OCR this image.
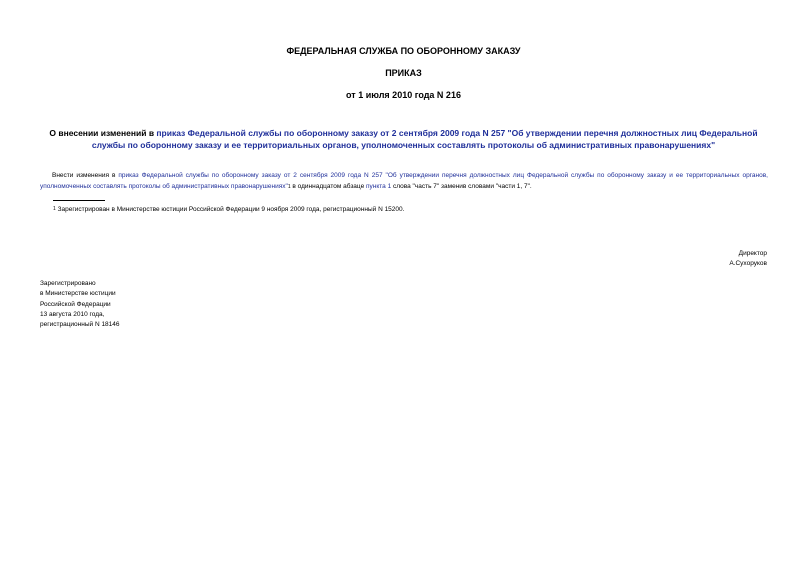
ФЕДЕРАЛЬНАЯ СЛУЖБА ПО ОБОРОННОМУ ЗАКАЗУ
ПРИКАЗ
от 1 июля 2010 года N 216
О внесении изменений в приказ Федеральной службы по оборонному заказу от 2 сентября 2009 года N 257 "Об утверждении перечня должностных лиц Федеральной службы по оборонному заказу и ее территориальных органов, уполномоченных составлять протоколы об административных правонарушениях"
Внести изменения в приказ Федеральной службы по оборонному заказу от 2 сентября 2009 года N 257 "Об утверждении перечня должностных лиц Федеральной службы по оборонному заказу и ее территориальных органов, уполномоченных составлять протоколы об административных правонарушениях"$^1$ в одиннадцатом абзаце пункта 1 слова "часть 7" заменив словами "части 1, 7".
$^1$ Зарегистрирован в Министерстве юстиции Российской Федерации 9 ноября 2009 года, регистрационный N 15200.
Директор
А.Сухоруков
Зарегистрировано
в Министерстве юстиции
Российской Федерации
13 августа 2010 года,
регистрационный N 18146
